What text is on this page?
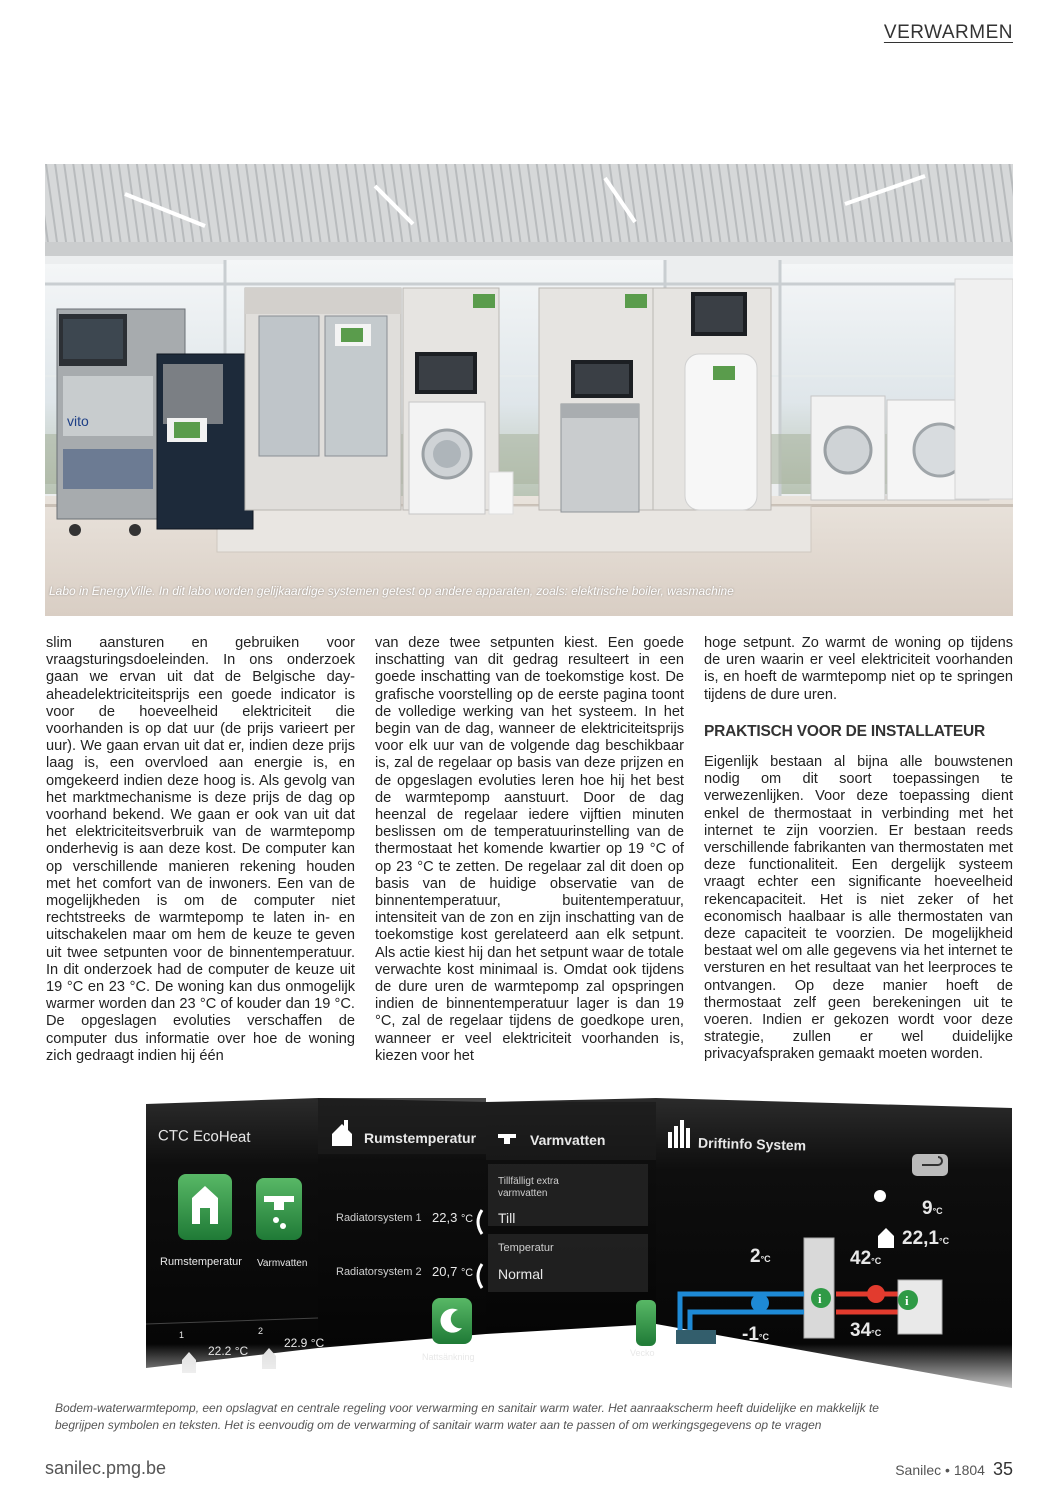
VERWARMEN
vito
Labo in EnergyVille. In dit labo worden gelijkaardige systemen getest op andere apparaten, zoals: elektrische boiler, wasmachine

slim aansturen en gebruiken voor vraagsturingsdoeleinden. In ons onderzoek gaan we ervan uit dat de Belgische day-aheadelektriciteitsprijs een goede indicator is voor de hoeveelheid elektriciteit die voorhanden is op dat uur (de prijs varieert per uur). We gaan ervan uit dat er, indien deze prijs laag is, een overvloed aan energie is, en omgekeerd indien deze hoog is. Als gevolg van het marktmechanisme is deze prijs de dag op voorhand bekend. We gaan er ook van uit dat het elektriciteitsverbruik van de warmtepomp onderhevig is aan deze kost. De computer kan op verschillende manieren rekening houden met het comfort van de inwoners. Een van de mogelijkheden is om de computer niet rechtstreeks de warmtepomp te laten in- en uitschakelen maar om hem de keuze te geven uit twee setpunten voor de binnentemperatuur. In dit onderzoek had de computer de keuze uit 19 °C en 23 °C. De woning kan dus onmogelijk warmer worden dan 23 °C of kouder dan 19 °C. De opgeslagen evoluties verschaffen de computer dus informatie over hoe de woning zich gedraagt indien hij één

van deze twee setpunten kiest. Een goede inschatting van dit gedrag resulteert in een goede inschatting van de toekomstige kost. De grafische voorstelling op de eerste pagina toont de volledige werking van het systeem. In het begin van de dag, wanneer de elektriciteitsprijs voor elk uur van de volgende dag beschikbaar is, zal de regelaar op basis van deze prijzen en de opgeslagen evoluties leren hoe hij het best de warmtepomp aanstuurt. Door de dag heenzal de regelaar iedere vijftien minuten beslissen om de temperatuurinstelling van de thermostaat het komende kwartier op 19 °C of op 23 °C te zetten. De regelaar zal dit doen op basis van de huidige observatie van de binnentemperatuur, buitentemperatuur, intensiteit van de zon en zijn inschatting van de toekomstige kost gerelateerd aan elk setpunt. Als actie kiest hij dan het setpunt waar de totale verwachte kost minimaal is. Omdat ook tijdens de dure uren de warmtepomp zal opspringen indien de binnentemperatuur lager is dan 19 °C, zal de regelaar tijdens de goedkope uren, wanneer er veel elektriciteit voorhanden is, kiezen voor het

hoge setpunt. Zo warmt de woning op tijdens de uren waarin er veel elektriciteit voorhanden is, en hoeft de warmtepomp niet op te springen tijdens de dure uren.

PRAKTISCH VOOR DE INSTALLATEUR

Eigenlijk bestaan al bijna alle bouwstenen nodig om dit soort toepassingen te verwezenlijken. Voor deze toepassing dient enkel de thermostaat in verbinding met het internet te zijn voorzien. Er bestaan reeds verschillende fabrikanten van thermostaten met deze functionaliteit. Een dergelijk systeem vraagt echter een significante hoeveelheid rekencapaciteit. Het is niet zeker of het economisch haalbaar is alle thermostaten van deze capaciteit te voorzien. De mogelijkheid bestaat wel om alle gegevens via het internet te versturen en het resultaat van het leerproces te ontvangen. Op deze manier hoeft de thermostaat zelf geen berekeningen uit te voeren. Indien er gekozen wordt voor deze strategie, zullen er wel duidelijke privacyafspraken gemaakt moeten worden.

i	i
CTC EcoHeat
Rumstemperatur Varmvatten
1
22.2 °C
2
22.9 °C
Rumstemperatur
Radiatorsystem 1 22,3 °C
Radiatorsystem 2 20,7 °C
Nattsänkning
Varmvatten
Tillfälligt extra varmvatten
Till
Temperatur
Normal
Vecko
Driftinfo System
9°C
22,1°C
2°C
-1°C
42°C
34°C
Bodem-waterwarmtepomp, een opslagvat en centrale regeling voor verwarming en sanitair warm water. Het aanraakscherm heeft duidelijke en makkelijk te begrijpen symbolen en teksten. Het is eenvoudig om de verwarming of sanitair warm water aan te passen of om werkingsgegevens op te vragen
sanilec.pmg.be	Sanilec • 1804 35
